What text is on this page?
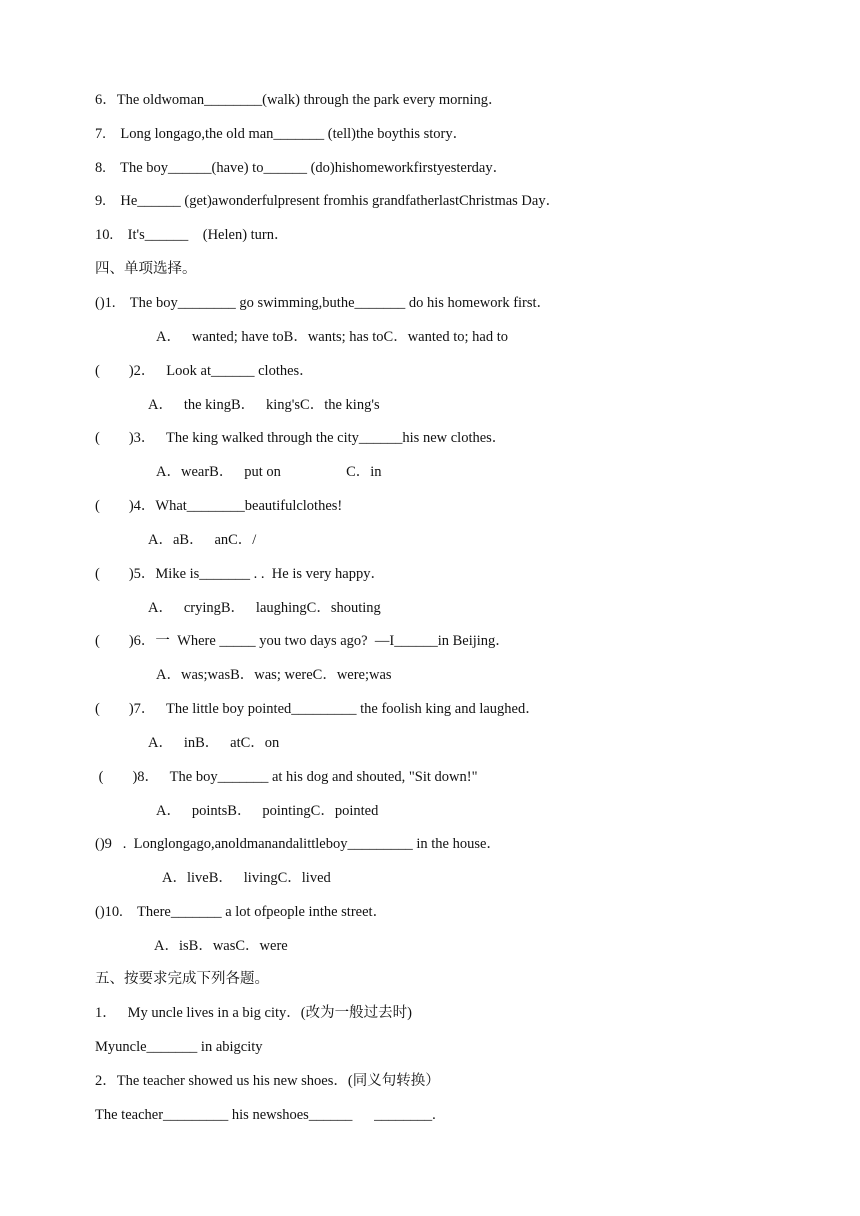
6．The oldwoman________(walk) through the park every morning．
7.    Long longago,the old man_______ (tell)the boythis story．
8.    The boy______(have) to______ (do)hishomeworkfirstyesterday．
9.    He______ (get)awonderfulpresent fromhis grandfatherlastChristmas Day．
10.    It's______    (Helen) turn．
四、单项选择。
()1.    The boy________ go swimming,buthe_______ do his homework first．
A．   wanted; have toB．wants; has toC．wanted to; had to
(        )2．   Look at______ clothes．
A．   the kingB．   king'sC．the king's
(        )3．   The king walked through the city______his new clothes．
A．wearB．   put on                  C．in
(        )4．What________beautifulclothes!
A．aB．   anC．/
(        )5．Mike is_______ . .  He is very happy．
A．   cryingB．   laughingC．shouting
(        )6．一  Where _____ you two days ago?  —I______in Beijing．
A．was;wasB．was; wereC．were;was
(        )7．   The little boy pointed_________ the foolish king and laughed．
A．   inB．   atC．on
(        )8．   The boy_______ at his dog and shouted, "Sit down!"
A．   pointsB．   pointingC．pointed
()9   .  Longlongago,anoldmanandalittleboy_________ in the house．
A．liveB．   livingC．lived
()10.    There_______ a lot ofpeople inthe street．
A．isB．wasC．were
五、按要求完成下列各题。
1．   My uncle lives in a big city．(改为一般过去时)
Myuncle_______ in abigcity
2．The teacher showed us his new shoes．(同义句转换）
The teacher_________ his newshoes______      ________.
